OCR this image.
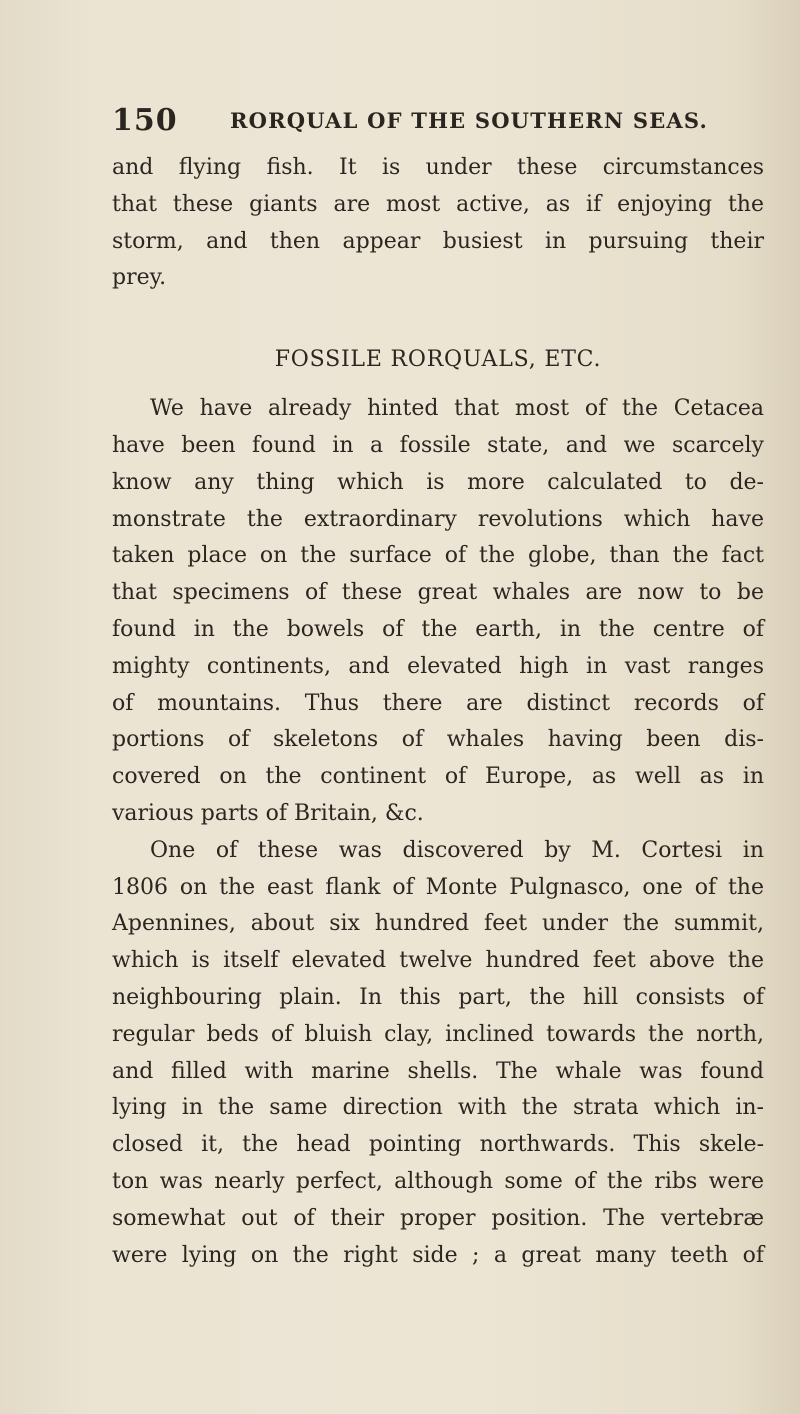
150 RORQUAL OF THE SOUTHERN SEAS.
and flying fish. It is under these circumstances
that these giants are most active, as if enjoying the
storm, and then appear busiest in pursuing their
prey.
FOSSILE RORQUALS, ETC.
We have already hinted that most of the Cetacea
have been found in a fossile state, and we scarcely
know any thing which is more calculated to de-
monstrate the extraordinary revolutions which have
taken place on the surface of the globe, than the fact
that specimens of these great whales are now to be
found in the bowels of the earth, in the centre of
mighty continents, and elevated high in vast ranges
of mountains. Thus there are distinct records of
portions of skeletons of whales having been dis-
covered on the continent of Europe, as well as in
various parts of Britain, &c.
One of these was discovered by M. Cortesi in
1806 on the east flank of Monte Pulgnasco, one of the
Apennines, about six hundred feet under the summit,
which is itself elevated twelve hundred feet above the
neighbouring plain. In this part, the hill consists of
regular beds of bluish clay, inclined towards the north,
and filled with marine shells. The whale was found
lying in the same direction with the strata which in-
closed it, the head pointing northwards. This skele-
ton was nearly perfect, although some of the ribs were
somewhat out of their proper position. The vertebræ
were lying on the right side ; a great many teeth of
